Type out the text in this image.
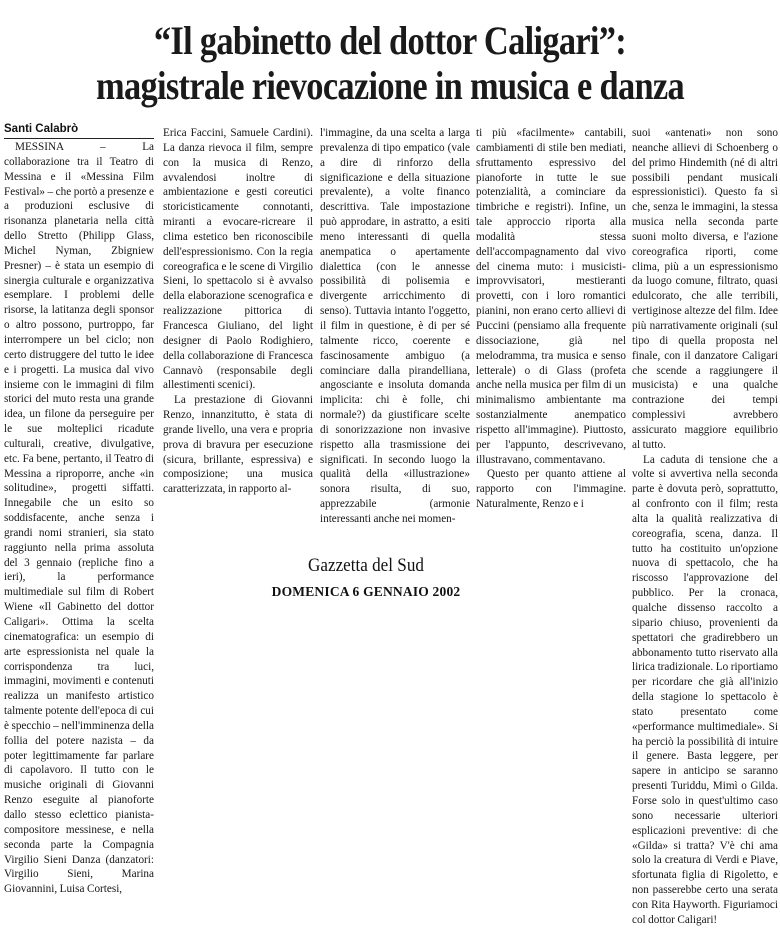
“Il gabinetto del dottor Caligari”:
magistrale rievocazione in musica e danza
Santi Calabrò

MESSINA – La collaborazione tra il Teatro di Messina e il «Messina Film Festival» – che portò a presenze e a produzioni esclusive di risonanza planetaria nella città dello Stretto (Philipp Glass, Michel Nyman, Zbigniew Presner) – è stata un esempio di sinergia culturale e organizzativa esemplare. I problemi delle risorse, la latitanza degli sponsor o altro possono, purtroppo, far interrompere un bel ciclo; non certo distruggere del tutto le idee e i progetti. La musica dal vivo insieme con le immagini di film storici del muto resta una grande idea, un filone da perseguire per le sue molteplici ricadute culturali, creative, divulgative, etc. Fa bene, pertanto, il Teatro di Messina a riproporre, anche «in solitudine», progetti siffatti. Innegabile che un esito so soddisfacente, anche senza i grandi nomi stranieri, sia stato raggiunto nella prima assoluta del 3 gennaio (repliche fino a ieri), la performance multimediale sul film di Robert Wiene «Il Gabinetto del dottor Caligari». Ottima la scelta cinematografica: un esempio di arte espressionista nel quale la corrispondenza tra luci, immagini, movimenti e contenuti realizza un manifesto artistico talmente potente dell'epoca di cui è specchio – nell'imminenza della follia del potere nazista – da poter legittimamente far parlare di capolavoro. Il tutto con le musiche originali di Giovanni Renzo eseguite al pianoforte dallo stesso eclettico pianista-compositore messinese, e nella seconda parte la Compagnia Virgilio Sieni Danza (danzatori: Virgilio Sieni, Marina Giovannini, Luisa Cortesi,

Erica Faccini, Samuele Cardini). La danza rievoca il film, sempre con la musica di Renzo, avvalendosi inoltre di ambientazione e gesti coreutici storicisticamente connotanti, miranti a evocare-ricreare il clima estetico ben riconoscibile dell'espressionismo. Con la regia coreografica e le scene di Virgilio Sieni, lo spettacolo si è avvalso della elaborazione scenografica e realizzazione pittorica di Francesca Giuliano, del light designer di Paolo Rodighiero, della collaborazione di Francesca Cannavò (responsabile degli allestimenti scenici).

La prestazione di Giovanni Renzo, innanzitutto, è stata di grande livello, una vera e propria prova di bravura per esecuzione (sicura, brillante, espressiva) e composizione; una musica caratterizzata, in rapporto al-

l'immagine, da una scelta a larga prevalenza di tipo empatico (vale a dire di rinforzo della significazione e della situazione prevalente), a volte financo descrittiva. Tale impostazione può approdare, in astratto, a esiti meno interessanti di quella anempatica o apertamente dialettica (con le annesse possibilità di polisemia e divergente arricchimento di senso). Tuttavia intanto l'oggetto, il film in questione, è di per sé talmente ricco, coerente e fascinosamente ambiguo (a cominciare dalla pirandelliana, angosciante e insoluta domanda implicita: chi è folle, chi normale?) da giustificare scelte di sonorizzazione non invasive rispetto alla trasmissione dei significati. In secondo luogo la qualità della «illustrazione» sonora risulta, di suo, apprezzabile (armonie interessanti anche nei momen-

ti più «facilmente» cantabili, cambiamenti di stile ben mediati, sfruttamento espressivo del pianoforte in tutte le sue potenzialità, a cominciare da timbriche e registri). Infine, un tale approccio riporta alla modalità stessa dell'accompagnamento dal vivo del cinema muto: i musicisti-improvvisatori, mestieranti provetti, con i loro romantici pianini, non erano certo allievi di Puccini (pensiamo alla frequente dissociazione, già nel melodramma, tra musica e senso letterale) o di Glass (profeta anche nella musica per film di un minimalismo ambientante ma sostanzialmente anempatico rispetto all'immagine). Piuttosto, per l'appunto, descrivevano, illustravano, commentavano.

Questo per quanto attiene al rapporto con l'immagine. Naturalmente, Renzo e i

suoi «antenati» non sono neanche allievi di Schoenberg o del primo Hindemith (né di altri possibili pendant musicali espressionistici). Questo fa sì che, senza le immagini, la stessa musica nella seconda parte suoni molto diversa, e l'azione coreografica riporti, come clima, più a un espressionismo da luogo comune, filtrato, quasi edulcorato, che alle terribili, vertiginose altezze del film. Idee più narrativamente originali (sul tipo di quella proposta nel finale, con il danzatore Caligari che scende a raggiungere il musicista) e una qualche contrazione dei tempi complessivi avrebbero assicurato maggiore equilibrio al tutto.

La caduta di tensione che a volte si avvertiva nella seconda parte è dovuta però, soprattutto, al confronto con il film; resta alta la qualità realizzativa di coreografia, scena, danza. Il tutto ha costituito un'opzione nuova di spettacolo, che ha riscosso l'approvazione del pubblico. Per la cronaca, qualche dissenso raccolto a sipario chiuso, provenienti da spettatori che gradirebbero un abbonamento tutto riservato alla lirica tradizionale. Lo riportiamo per ricordare che già all'inizio della stagione lo spettacolo è stato presentato come «performance multimediale». Si ha perciò la possibilità di intuire il genere. Basta leggere, per sapere in anticipo se saranno presenti Turiddu, Mimì o Gilda. Forse solo in quest'ultimo caso sono necessarie ulteriori esplicazioni preventive: di che «Gilda» si tratta? V'è chi ama solo la creatura di Verdi e Piave, sfortunata figlia di Rigoletto, e non passerebbe certo una serata con Rita Hayworth. Figuriamoci col dottor Caligari!

Gazzetta del Sud
DOMENICA 6 GENNAIO 2002
